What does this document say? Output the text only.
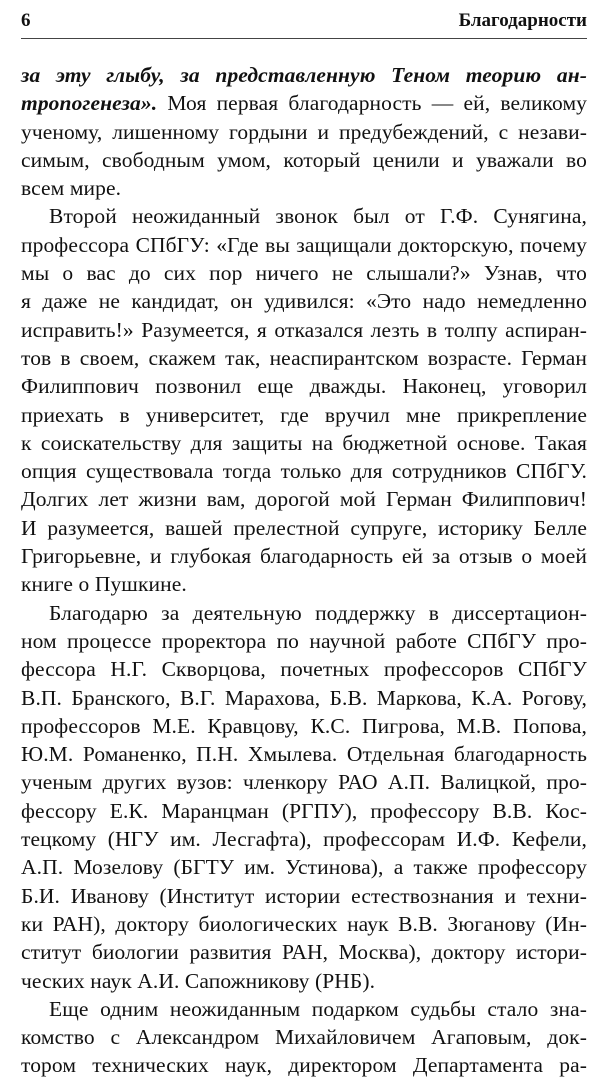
6	Благодарности
за эту глыбу, за представленную Теном теорию ан-
тропогенеза». Моя первая благодарность — ей, великому
ученому, лишенному гордыни и предубеждений, с незави-
симым, свободным умом, который ценили и уважали во
всем мире.
Второй неожиданный звонок был от Г.Ф. Сунягина,
профессора СПбГУ: «Где вы защищали докторскую, почему
мы о вас до сих пор ничего не слышали?» Узнав, что
я даже не кандидат, он удивился: «Это надо немедленно
исправить!» Разумеется, я отказался лезть в толпу аспиран-
тов в своем, скажем так, неаспирантском возрасте. Герман
Филиппович позвонил еще дважды. Наконец, уговорил
приехать в университет, где вручил мне прикрепление
к соискательству для защиты на бюджетной основе. Такая
опция существовала тогда только для сотрудников СПбГУ.
Долгих лет жизни вам, дорогой мой Герман Филиппович!
И разумеется, вашей прелестной супруге, историку Белле
Григорьевне, и глубокая благодарность ей за отзыв о моей
книге о Пушкине.
Благодарю за деятельную поддержку в диссертацион-
ном процессе проректора по научной работе СПбГУ про-
фессора Н.Г. Скворцова, почетных профессоров СПбГУ
В.П. Бранского, В.Г. Марахова, Б.В. Маркова, К.А. Рогову,
профессоров М.Е. Кравцову, К.С. Пигрова, М.В. Попова,
Ю.М. Романенко, П.Н. Хмылева. Отдельная благодарность
ученым других вузов: членкору РАО А.П. Валицкой, про-
фессору Е.К. Маранцман (РГПУ), профессору В.В. Кос-
тецкому (НГУ им. Лесгафта), профессорам И.Ф. Кефели,
А.П. Мозелову (БГТУ им. Устинова), а также профессору
Б.И. Иванову (Институт истории естествознания и техни-
ки РАН), доктору биологических наук В.В. Зюганову (Ин-
ститут биологии развития РАН, Москва), доктору истори-
ческих наук А.И. Сапожникову (РНБ).
Еще одним неожиданным подарком судьбы стало зна-
комство с Александром Михайловичем Агаповым, док-
тором технических наук, директором Департамента ра-
